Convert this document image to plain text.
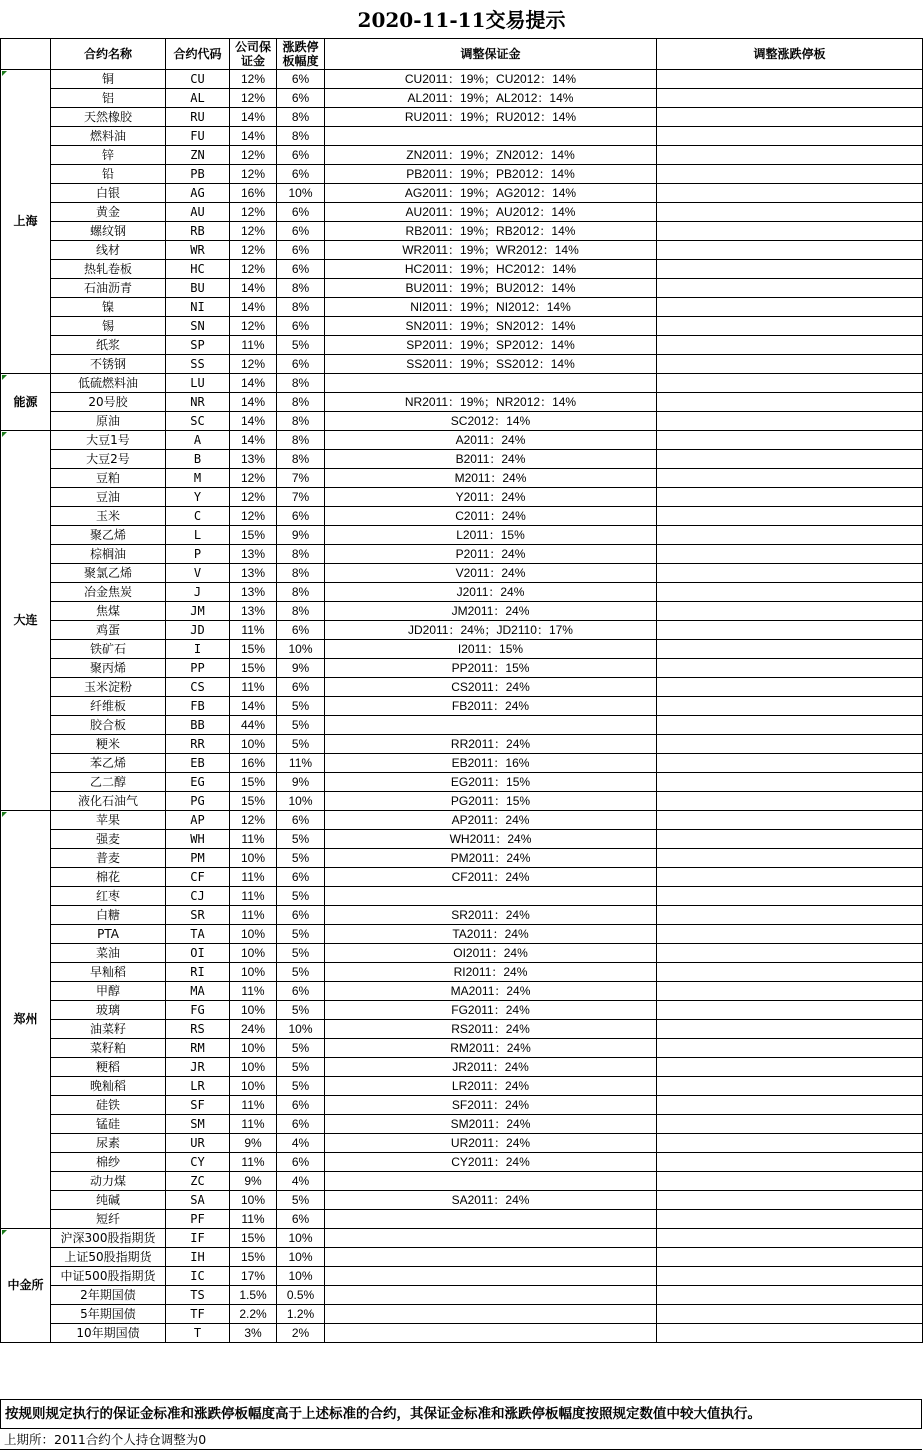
2020-11-11交易提示
	合约名称	合约代码	公司保证金	涨跌停板幅度	调整保证金	调整涨跌停板
上海	铜	CU	12%	6%	CU2011：19%；CU2012：14%	
	铝	AL	12%	6%	AL2011：19%；AL2012：14%	
	天然橡胶	RU	14%	8%	RU2011：19%；RU2012：14%	
	燃料油	FU	14%	8%		
	锌	ZN	12%	6%	ZN2011：19%；ZN2012：14%	
	铅	PB	12%	6%	PB2011：19%；PB2012：14%	
	白银	AG	16%	10%	AG2011：19%；AG2012：14%	
	黄金	AU	12%	6%	AU2011：19%；AU2012：14%	
	螺纹钢	RB	12%	6%	RB2011：19%；RB2012：14%	
	线材	WR	12%	6%	WR2011：19%；WR2012：14%	
	热轧卷板	HC	12%	6%	HC2011：19%；HC2012：14%	
	石油沥青	BU	14%	8%	BU2011：19%；BU2012：14%	
	镍	NI	14%	8%	NI2011：19%；NI2012：14%	
	锡	SN	12%	6%	SN2011：19%；SN2012：14%	
	纸浆	SP	11%	5%	SP2011：19%；SP2012：14%	
	不锈钢	SS	12%	6%	SS2011：19%；SS2012：14%	
能源	低硫燃料油	LU	14%	8%		
	20号胶	NR	14%	8%	NR2011：19%；NR2012：14%	
	原油	SC	14%	8%	SC2012：14%	
大连	大豆1号	A	14%	8%	A2011：24%	
	大豆2号	B	13%	8%	B2011：24%	
	豆粕	M	12%	7%	M2011：24%	
	豆油	Y	12%	7%	Y2011：24%	
	玉米	C	12%	6%	C2011：24%	
	聚乙烯	L	15%	9%	L2011：15%	
	棕榈油	P	13%	8%	P2011：24%	
	聚氯乙烯	V	13%	8%	V2011：24%	
	冶金焦炭	J	13%	8%	J2011：24%	
	焦煤	JM	13%	8%	JM2011：24%	
	鸡蛋	JD	11%	6%	JD2011：24%；JD2110：17%	
	铁矿石	I	15%	10%	I2011：15%	
	聚丙烯	PP	15%	9%	PP2011：15%	
	玉米淀粉	CS	11%	6%	CS2011：24%	
	纤维板	FB	14%	5%	FB2011：24%	
	胶合板	BB	44%	5%		
	粳米	RR	10%	5%	RR2011：24%	
	苯乙烯	EB	16%	11%	EB2011：16%	
	乙二醇	EG	15%	9%	EG2011：15%	
	液化石油气	PG	15%	10%	PG2011：15%	
郑州	苹果	AP	12%	6%	AP2011：24%	
	强麦	WH	11%	5%	WH2011：24%	
	普麦	PM	10%	5%	PM2011：24%	
	棉花	CF	11%	6%	CF2011：24%	
	红枣	CJ	11%	5%		
	白糖	SR	11%	6%	SR2011：24%	
	PTA	TA	10%	5%	TA2011：24%	
	菜油	OI	10%	5%	OI2011：24%	
	早籼稻	RI	10%	5%	RI2011：24%	
	甲醇	MA	11%	6%	MA2011：24%	
	玻璃	FG	10%	5%	FG2011：24%	
	油菜籽	RS	24%	10%	RS2011：24%	
	菜籽粕	RM	10%	5%	RM2011：24%	
	粳稻	JR	10%	5%	JR2011：24%	
	晚籼稻	LR	10%	5%	LR2011：24%	
	硅铁	SF	11%	6%	SF2011：24%	
	锰硅	SM	11%	6%	SM2011：24%	
	尿素	UR	9%	4%	UR2011：24%	
	棉纱	CY	11%	6%	CY2011：24%	
	动力煤	ZC	9%	4%		
	纯碱	SA	10%	5%	SA2011：24%	
	短纤	PF	11%	6%		
中金所	沪深300股指期货	IF	15%	10%		
	上证50股指期货	IH	15%	10%		
	中证500股指期货	IC	17%	10%		
	2年期国债	TS	1.5%	0.5%		
	5年期国债	TF	2.2%	1.2%		
	10年期国债	T	3%	2%		
按规则规定执行的保证金标准和涨跌停板幅度高于上述标准的合约，其保证金标准和涨跌停板幅度按照规定数值中较大值执行。
上期所：2011合约个人持仓调整为0
